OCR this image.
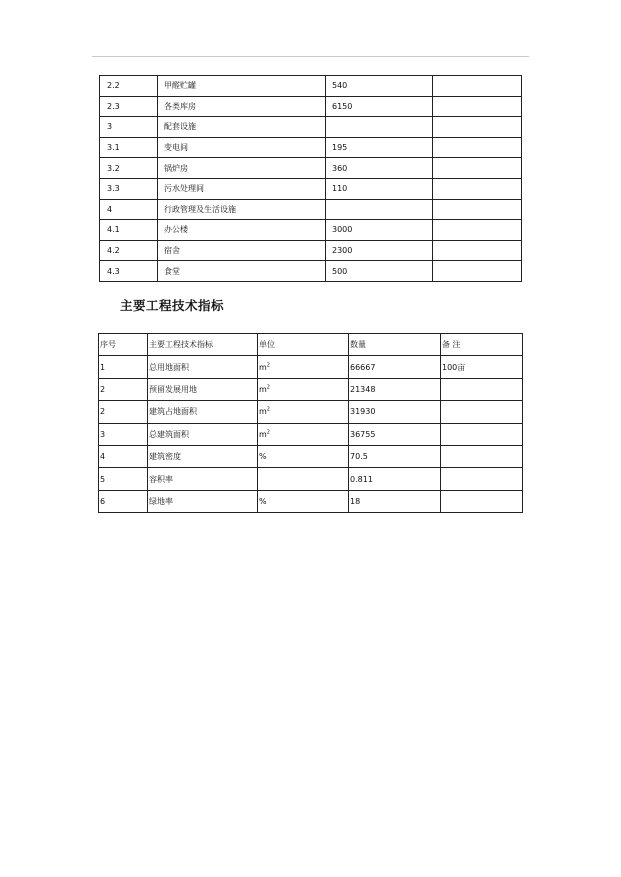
2.2	甲醛贮罐	540	
2.3	各类库房	6150	
3	配套设施		
3.1	变电间	195	
3.2	锅炉房	360	
3.3	污水处理间	110	
4	行政管理及生活设施		
4.1	办公楼	3000	
4.2	宿舍	2300	
4.3	食堂	500	
主要工程技术指标
序号	主要工程技术指标	单位	数量	备 注
1	总用地面积	$m^2$	66667	100亩
2	预留发展用地	$m^2$	21348	
2	建筑占地面积	$m^2$	31930	
3	总建筑面积	$m^2$	36755	
4	建筑密度	%	70.5	
5	容积率		0.811	
6	绿地率	%	18	
